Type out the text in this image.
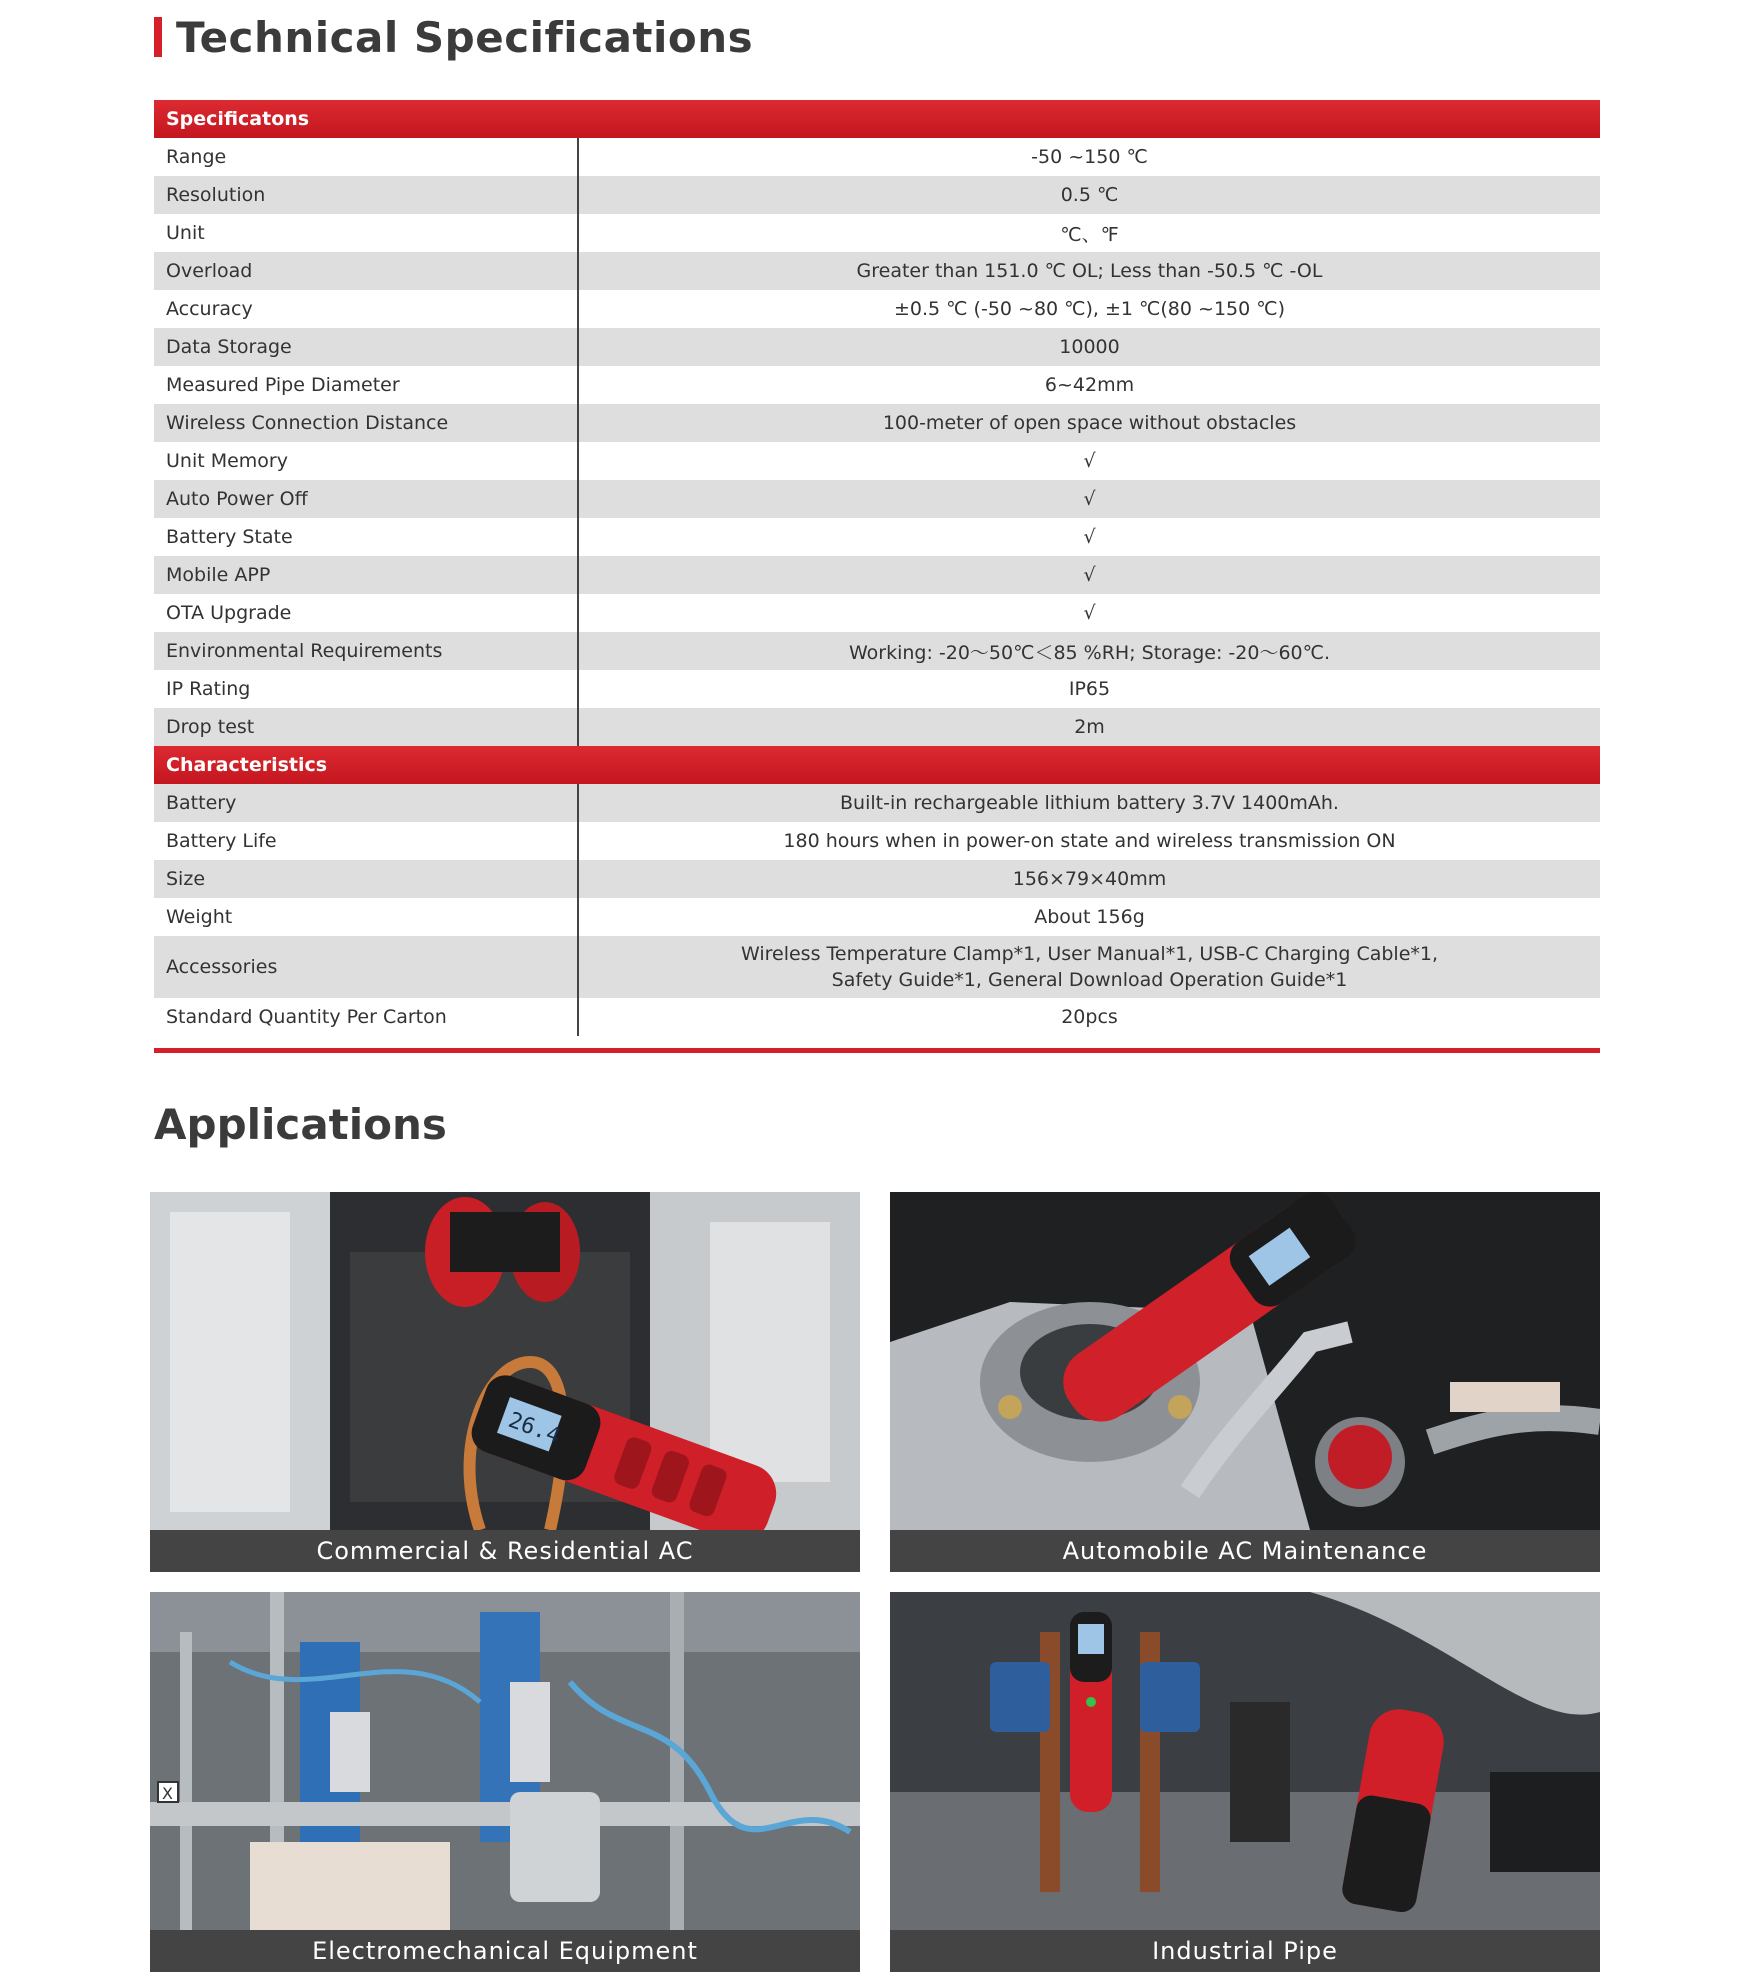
Technical Specifications
Specificatons	
Range	-50 ~150 ℃
Resolution	0.5 ℃
Unit	℃、℉
Overload	Greater than 151.0 ℃ OL; Less than -50.5 ℃ -OL
Accuracy	±0.5 ℃ (-50 ~80 ℃), ±1 ℃(80 ~150 ℃)
Data Storage	10000
Measured Pipe Diameter	6~42mm
Wireless Connection Distance	100-meter of open space without obstacles
Unit Memory	√
Auto Power Off	√
Battery State	√
Mobile APP	√
OTA Upgrade	√
Environmental Requirements	Working: -20～50℃＜85 %RH; Storage: -20～60℃.
IP Rating	IP65
Drop test	2m
Characteristics	
Battery	Built-in rechargeable lithium battery 3.7V 1400mAh.
Battery Life	180 hours when in power-on state and wireless transmission ON
Size	156×79×40mm
Weight	About 156g
Accessories	Wireless Temperature Clamp*1, User Manual*1, USB-C Charging Cable*1,
Safety Guide*1, General Download Operation Guide*1

Standard Quantity Per Carton	20pcs
Applications
26.4
Commercial & Residential AC	Automobile AC Maintenance
X
Electromechanical Equipment	Industrial Pipe
